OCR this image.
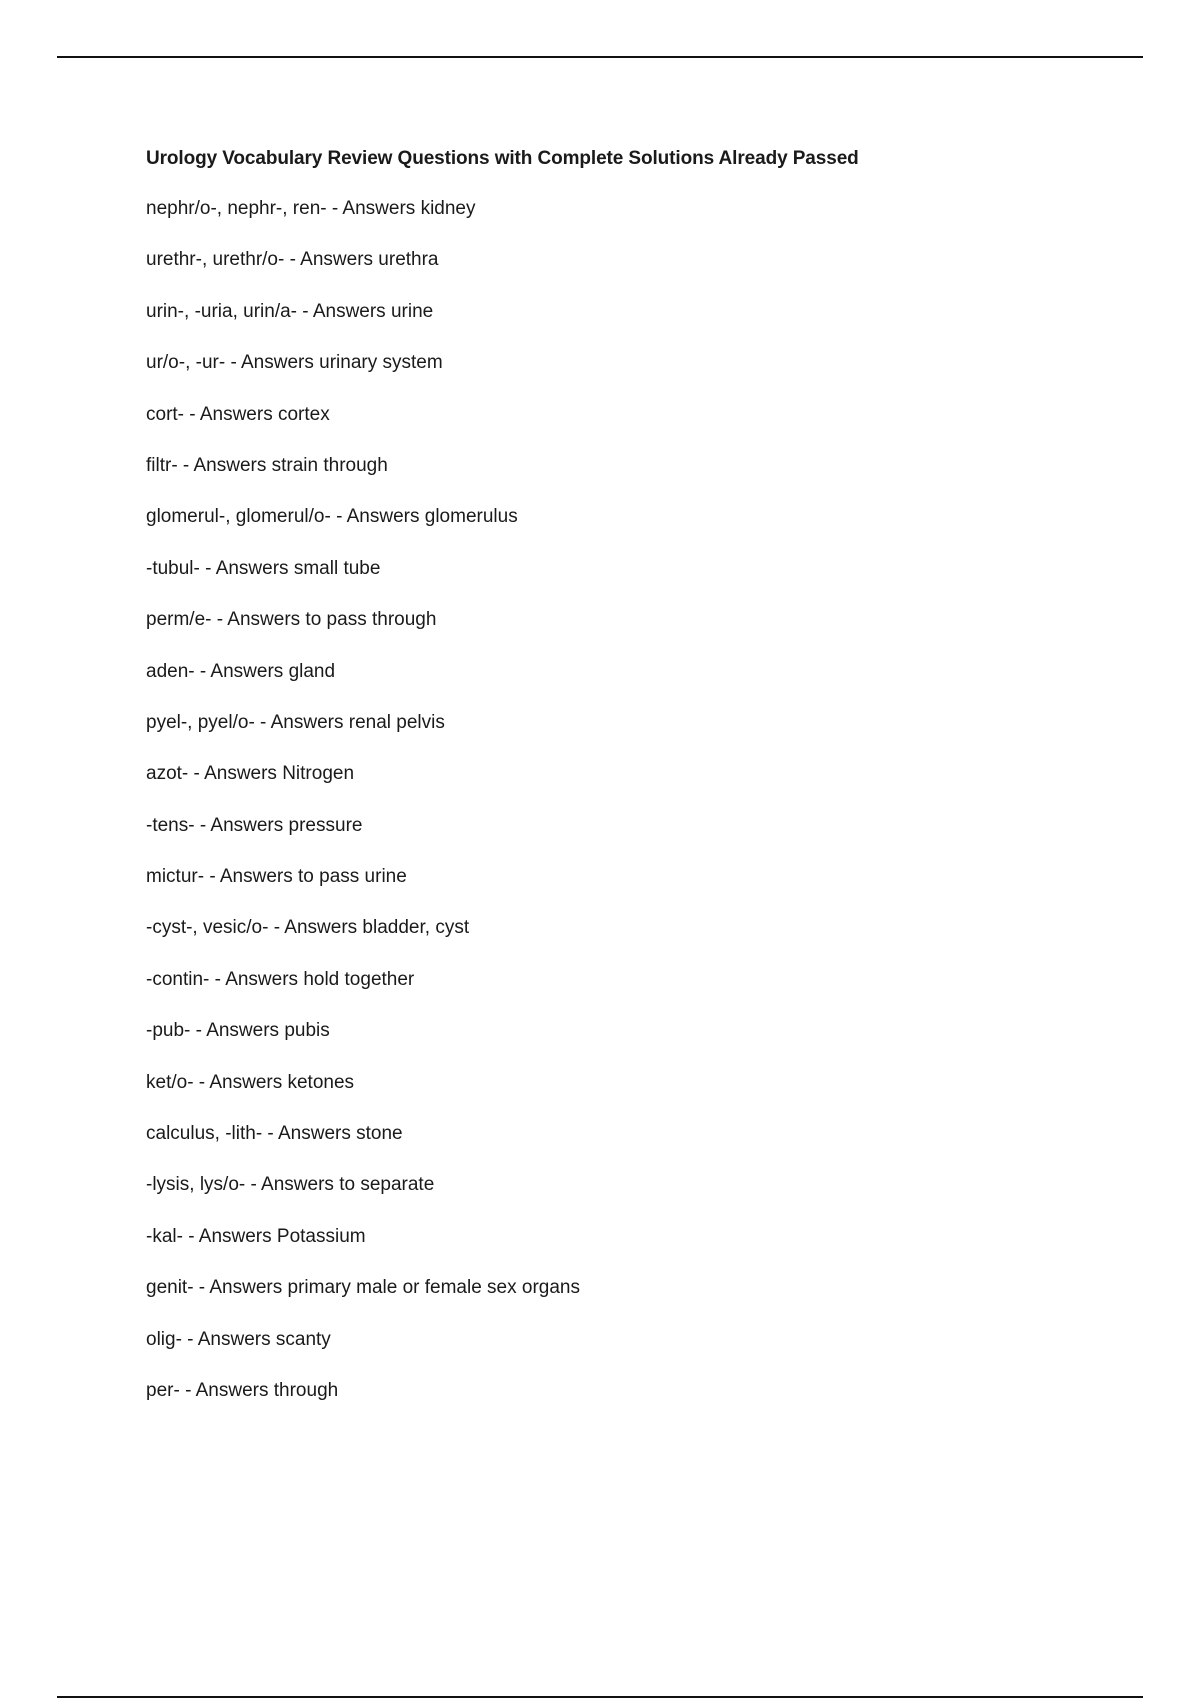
Urology Vocabulary Review Questions with Complete Solutions Already Passed
nephr/o-, nephr-, ren- - Answers kidney
urethr-, urethr/o- - Answers urethra
urin-, -uria, urin/a- - Answers urine
ur/o-, -ur- - Answers urinary system
cort- - Answers cortex
filtr- - Answers strain through
glomerul-, glomerul/o- - Answers glomerulus
-tubul- - Answers small tube
perm/e- - Answers to pass through
aden- - Answers gland
pyel-, pyel/o- - Answers renal pelvis
azot- - Answers Nitrogen
-tens- - Answers pressure
mictur- - Answers to pass urine
-cyst-, vesic/o- - Answers bladder, cyst
-contin- - Answers hold together
-pub- - Answers pubis
ket/o- - Answers ketones
calculus, -lith- - Answers stone
-lysis, lys/o- - Answers to separate
-kal- - Answers Potassium
genit- - Answers primary male or female sex organs
olig- - Answers scanty
per- - Answers through
